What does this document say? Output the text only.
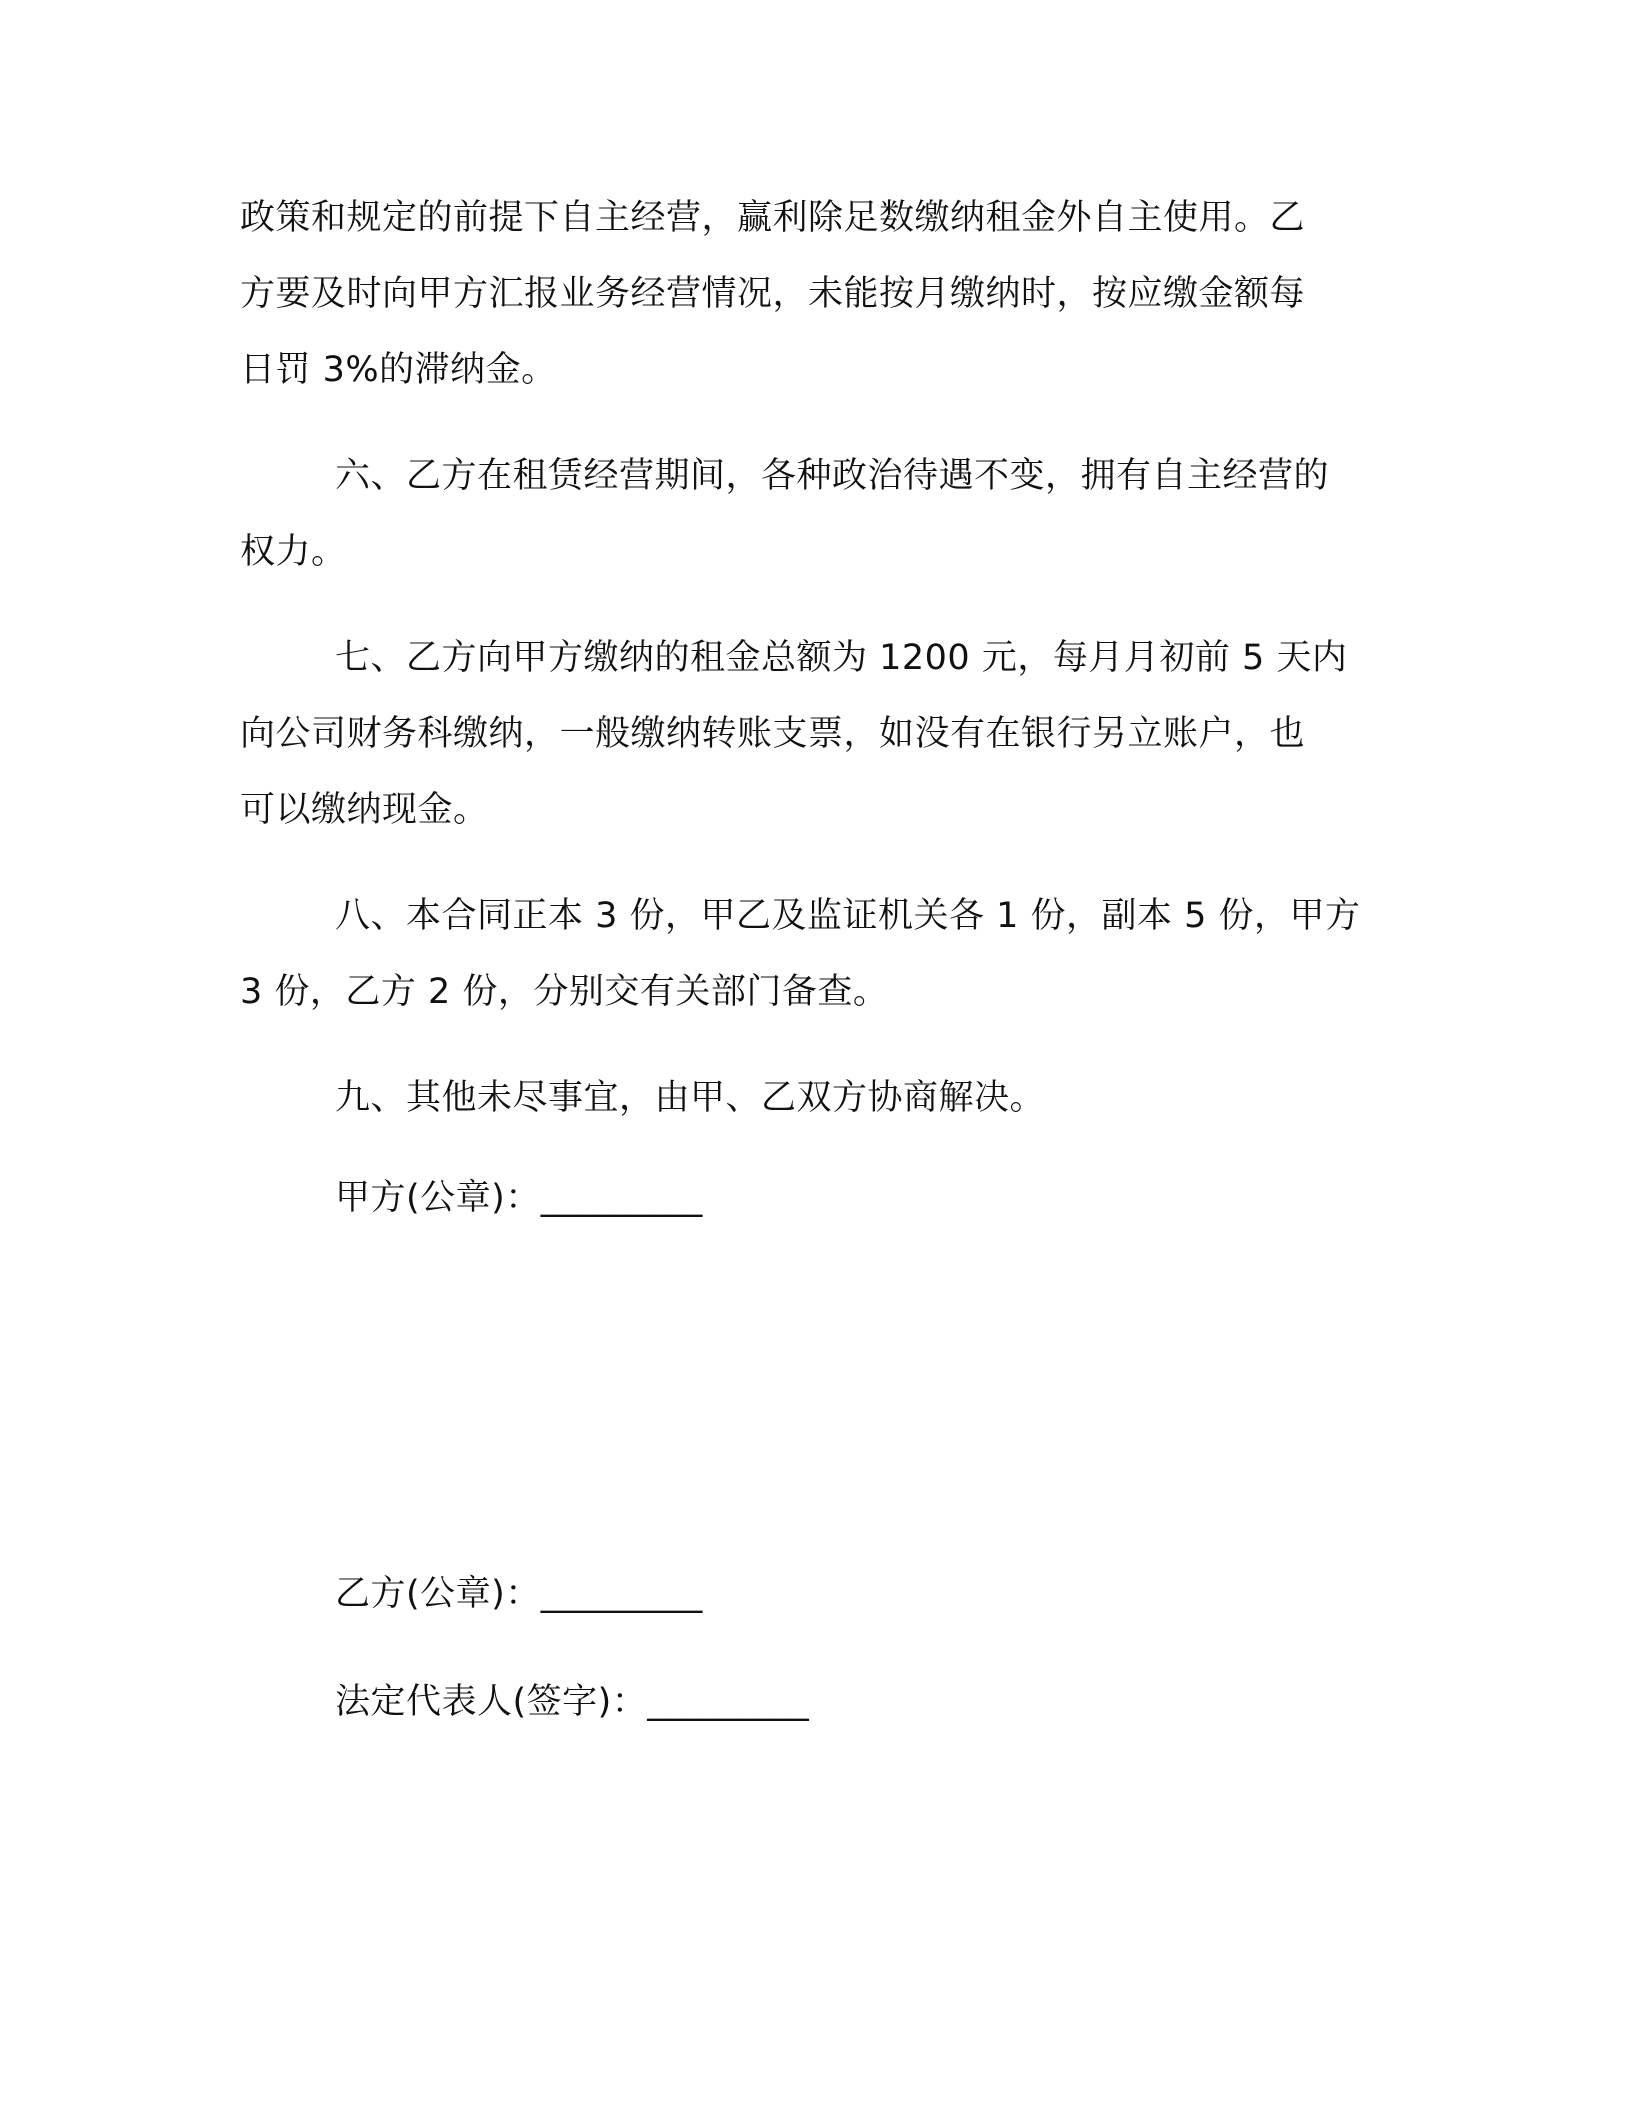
政策和规定的前提下自主经营，赢利除足数缴纳租金外自主使用。乙
方要及时向甲方汇报业务经营情况，未能按月缴纳时，按应缴金额每
日罚 3%的滞纳金。
六、乙方在租赁经营期间，各种政治待遇不变，拥有自主经营的
权力。
七、乙方向甲方缴纳的租金总额为 1200 元，每月月初前 5 天内
向公司财务科缴纳，一般缴纳转账支票，如没有在银行另立账户，也
可以缴纳现金。
八、本合同正本 3 份，甲乙及监证机关各 1 份，副本 5 份，甲方
3 份，乙方 2 份，分别交有关部门备查。
九、其他未尽事宜，由甲、乙双方协商解决。
甲方(公章)：_________
乙方(公章)：_________
法定代表人(签字)：_________
